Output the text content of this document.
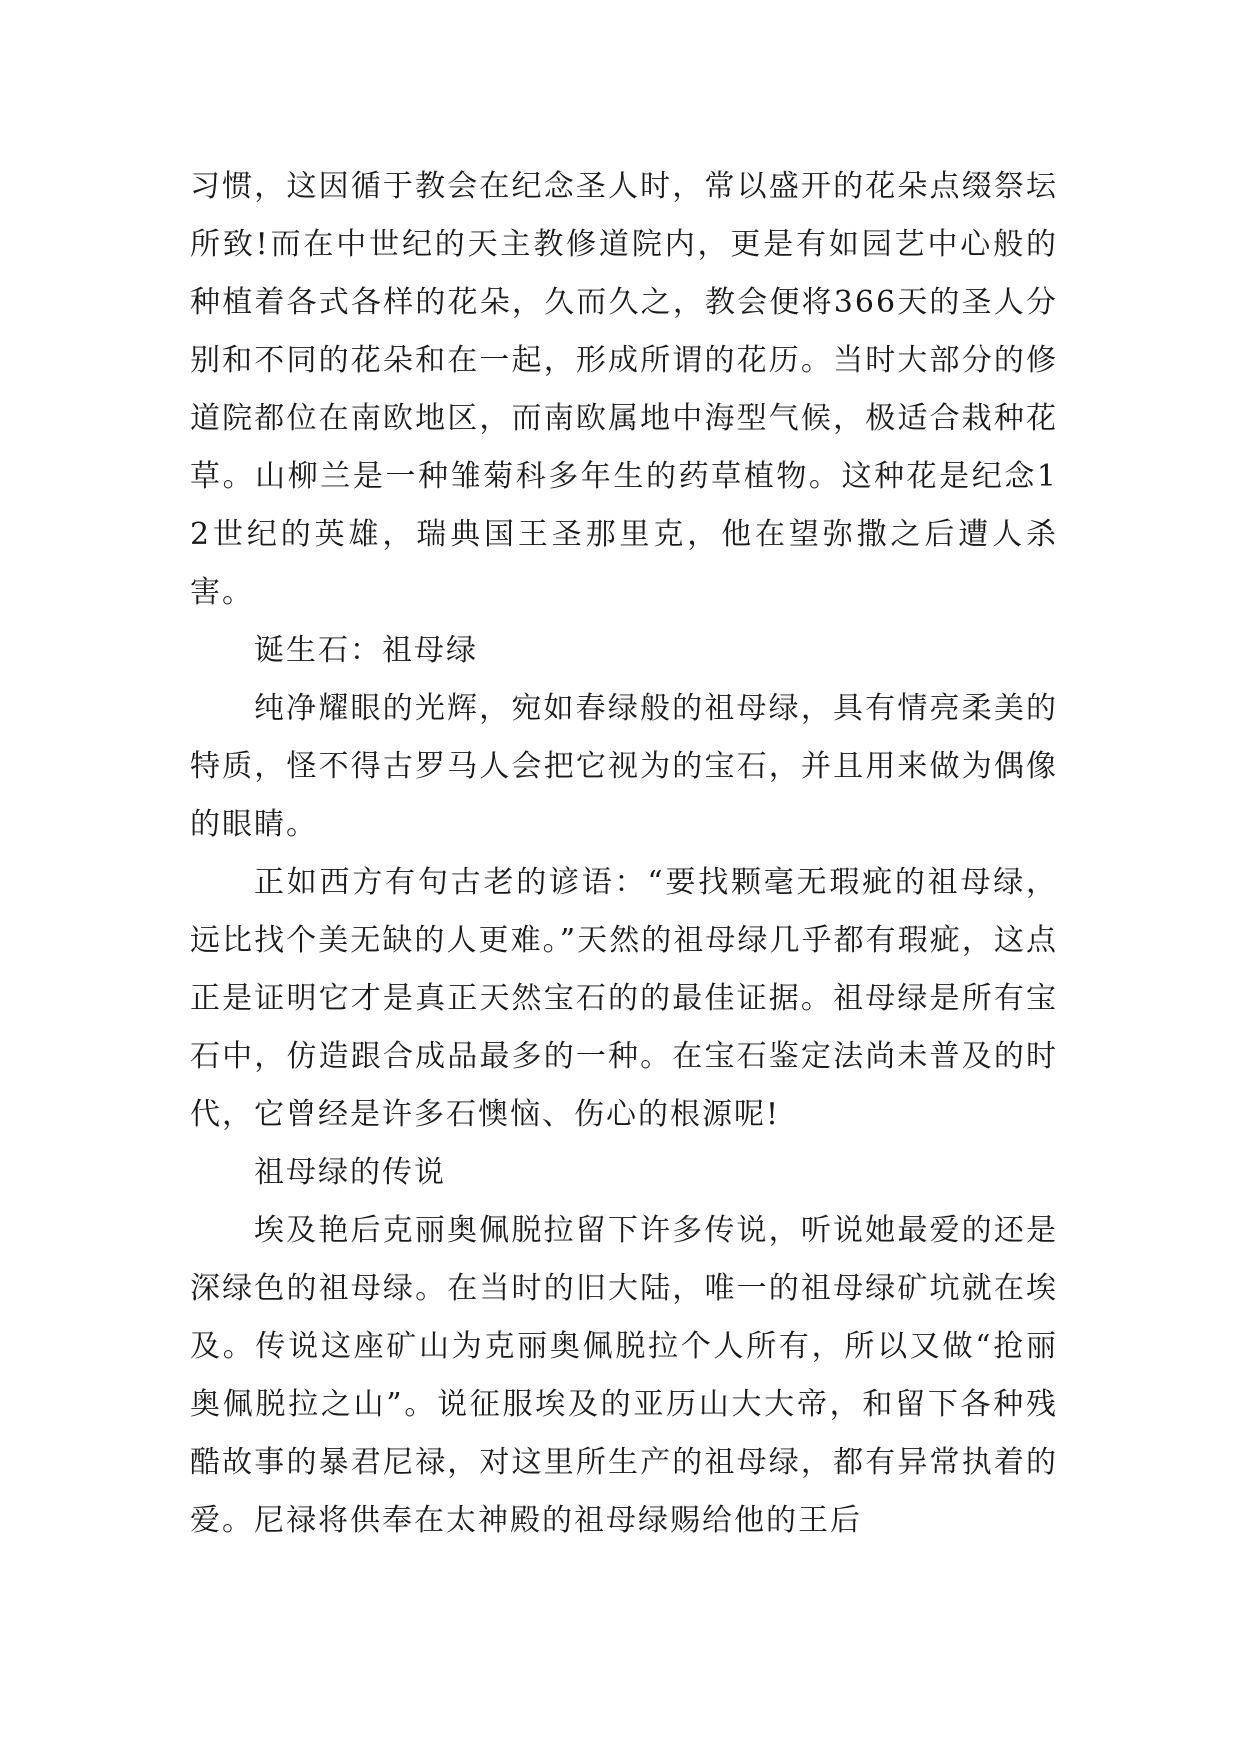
习惯，这因循于教会在纪念圣人时，常以盛开的花朵点缀祭坛所致!而在中世纪的天主教修道院内，更是有如园艺中心般的种植着各式各样的花朵，久而久之，教会便将366天的圣人分别和不同的花朵和在一起，形成所谓的花历。当时大部分的修道院都位在南欧地区，而南欧属地中海型气候，极适合栽种花草。山柳兰是一种雏菊科多年生的药草植物。这种花是纪念12世纪的英雄，瑞典国王圣那里克，他在望弥撒之后遭人杀害。

诞生石：祖母绿

纯净耀眼的光辉，宛如春绿般的祖母绿，具有情亮柔美的特质，怪不得古罗马人会把它视为的宝石，并且用来做为偶像的眼睛。

正如西方有句古老的谚语：“要找颗毫无瑕疵的祖母绿，远比找个美无缺的人更难。”天然的祖母绿几乎都有瑕疵，这点正是证明它才是真正天然宝石的的最佳证据。祖母绿是所有宝石中，仿造跟合成品最多的一种。在宝石鉴定法尚未普及的时代，它曾经是许多石懊恼、伤心的根源呢!

祖母绿的传说

埃及艳后克丽奥佩脱拉留下许多传说，听说她最爱的还是深绿色的祖母绿。在当时的旧大陆，唯一的祖母绿矿坑就在埃及。传说这座矿山为克丽奥佩脱拉个人所有，所以又做“抢丽奥佩脱拉之山”。说征服埃及的亚历山大大帝，和留下各种残酷故事的暴君尼禄，对这里所生产的祖母绿，都有异常执着的爱。尼禄将供奉在太神殿的祖母绿赐给他的王后
